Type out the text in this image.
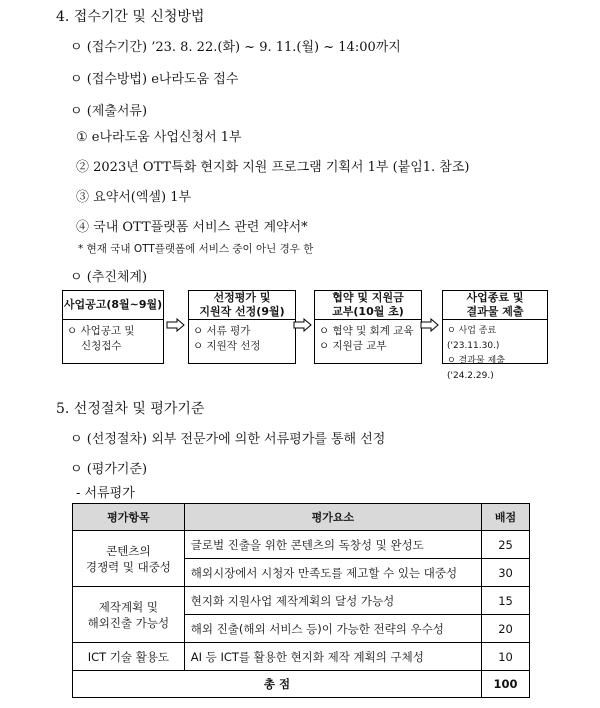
4. 접수기간 및 신청방법
ㅇ (접수기간) ’23. 8. 22.(화) ~ 9. 11.(월) ~ 14:00까지
ㅇ (접수방법) e나라도움 접수
ㅇ (제출서류)
① e나라도움 사업신청서 1부
② 2023년 OTT특화 현지화 지원 프로그램 기획서 1부 (붙임1. 참조)
③ 요약서(엑셀) 1부
④ 국내 OTT플랫폼 서비스 관련 계약서*
* 현재 국내 OTT플랫폼에 서비스 중이 아닌 경우 한
ㅇ (추진체계)
사업공고(8월~9월)
ㅇ 사업공고 및
신청접수
선정평가 및
지원작 선정(9월)
ㅇ 서류 평가
ㅇ 지원작 선정
협약 및 지원금
교부(10월 초)
ㅇ 협약 및 회계 교육
ㅇ 지원금 교부
사업종료 및
결과물 제출
ㅇ 사업 종료('23.11.30.)
ㅇ 결과물 제출('24.2.29.)
5. 선정절차 및 평가기준
ㅇ (선정절차) 외부 전문가에 의한 서류평가를 통해 선정
ㅇ (평가기준)
- 서류평가
평가항목	평가요소	배점

콘텐츠의
경쟁력 및 대중성	글로벌 진출을 위한 콘텐츠의 독창성 및 완성도	25
	해외시장에서 시청자 만족도를 제고할 수 있는 대중성	30

제작계획 및
해외진출 가능성	현지화 지원사업 제작계획의 달성 가능성	15
	해외 진출(해외 서비스 등)이 가능한 전략의 우수성	20
ICT 기술 활용도	AI 등 ICT를 활용한 현지화 제작 계획의 구체성	10
총 점		100
